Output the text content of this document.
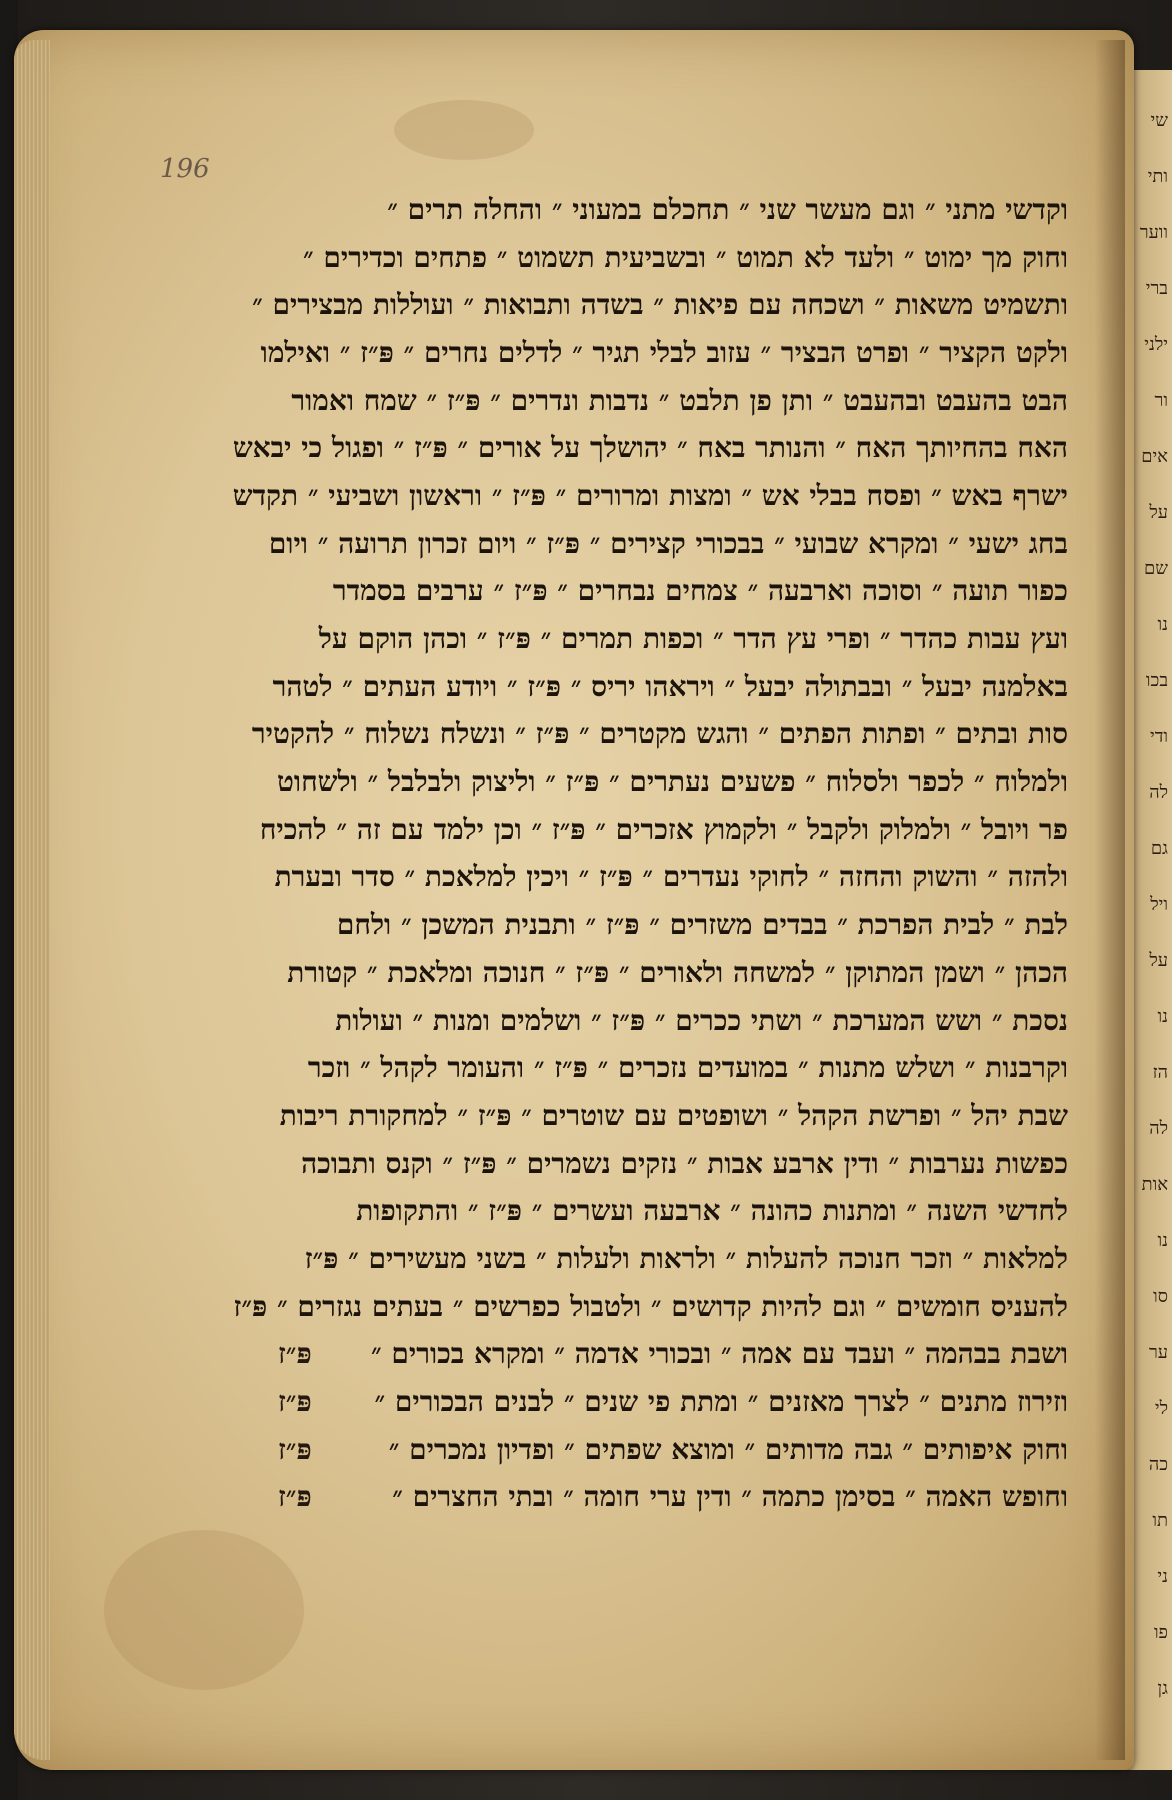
שי
ותי
ווער
ברי
ילני
ור
אים
על
שם
נו
בכו
ודי
לה
גם
ויל
על
נו
הז
לה
אות
נו
סו
ער
לי
כה
תו
ני
פו
גן
196
וקדשי מתני ״ וגם מעשר שני ״ תחכלם במעוני ״ והחלה תרים ״
וחוק מך ימוט ״ ולעד לא תמוט ״ ובשביעית תשמוט ״ פתחים וכדירים ״
ותשמיט משאות ״ ושכחה עם פיאות ״ בשדה ותבואות ״ ועוללות מבצירים ״
ולקט הקציר ״ ופרט הבציר ״ עזוב לבלי תגיר ״ לדלים נחרים ״ פּ״ז ״ ואילמו
הבט בהעבט ובהעבט ״ ותן פן תלבט ״ נדבות ונדרים ״ פּ״ז ״ שמח ואמור
האח בהחיותך האח ״ והנותר באח ״ יהושלך על אורים ״ פּ״ז ״ ופגול כי יבאש
ישרף באש ״ ופסח בבלי אש ״ ומצות ומרורים ״ פּ״ז ״ וראשון ושביעי ״ תקדש
בחג ישעי ״ ומקרא שבועי ״ בבכורי קצירים ״ פּ״ז ״ ויום זכרון תרועה ״ ויום
כפור תועה ״ וסוכה וארבעה ״ צמחים נבחרים ״ פּ״ז ״ ערבים בסמדר
ועץ עבות כהדר ״ ופרי עץ הדר ״ וכפות תמרים ״ פּ״ז ״ וכהן הוקם על
באלמנה יבעל ״ ובבתולה יבעל ״ ויראהו יריס ״ פּ״ז ״ ויודע העתים ״ לטהר
סות ובתים ״ ופתות הפתים ״ והגש מקטרים ״ פּ״ז ״ ונשלח נשלוח ״ להקטיר
ולמלוח ״ לכפר ולסלוח ״ פשעים נעתרים ״ פּ״ז ״ וליצוק ולבלבל ״ ולשחוט
פר ויובל ״ ולמלוק ולקבל ״ ולקמוץ אזכרים ״ פּ״ז ״ וכן ילמד עם זה ״ להכיח
ולהזה ״ והשוק והחזה ״ לחוקי נעדרים ״ פּ״ז ״ ויכין למלאכת ״ סדר ובערת
לבת ״ לבית הפרכת ״ בבדים משזרים ״ פּ״ז ״ ותבנית המשכן ״ ולחם
הכהן ״ ושמן המתוקן ״ למשחה ולאורים ״ פּ״ז ״ חנוכה ומלאכת ״ קטורת
נסכת ״ ושש המערכת ״ ושתי ככרים ״ פּ״ז ״ ושלמים ומנות ״ ועולות
וקרבנות ״ ושלש מתנות ״ במועדים נזכרים ״ פּ״ז ״ והעומר לקהל ״ וזכר
שבת יהל ״ ופרשת הקהל ״ ושופטים עם שוטרים ״ פּ״ז ״ למחקורת ריבות
כפשות נערבות ״ ודין ארבע אבות ״ נזקים נשמרים ״ פּ״ז ״ וקנס ותבוכה
לחדשי השנה ״ ומתנות כהונה ״ ארבעה ועשרים ״ פּ״ז ״ והתקופות
למלאות ״ וזכר חנוכה להעלות ״ ולראות ולעלות ״ בשני מעשירים ״ פּ״ז
להעניס חומשים ״ וגם להיות קדושים ״ ולטבול כפרשים ״ בעתים נגזרים ״ פּ״ז
ושבת בבהמה ״ ועבד עם אמה ״ ובכורי אדמה ״ ומקרא בכורים ״
פּ״ז
וזירוז מתנים ״ לצרך מאזנים ״ ומתת פי שנים ״ לבנים הבכורים ״
פּ״ז
וחוק איפותים ״ גבה מדותים ״ ומוצא שפתים ״ ופדיון נמכרים ״
פּ״ז
וחופש האמה ״ בסימן כתמה ״ ודין ערי חומה ״ ובתי החצרים ״
פּ״ז
